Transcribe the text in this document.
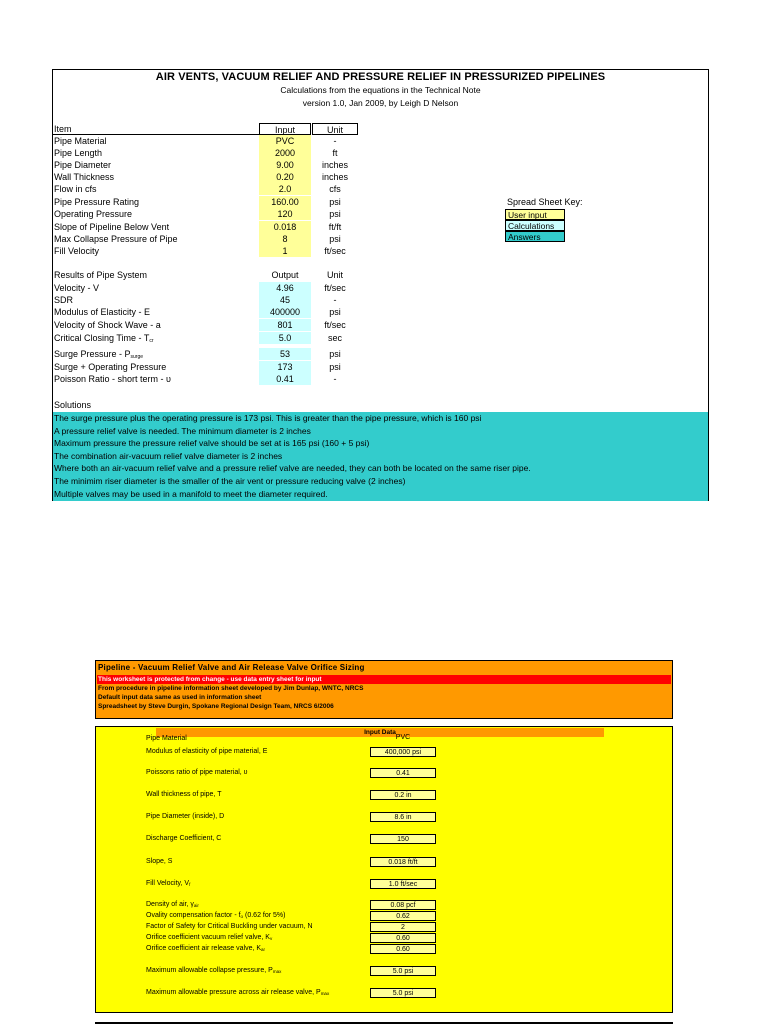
AIR VENTS, VACUUM RELIEF AND PRESSURE RELIEF IN PRESSURIZED PIPELINES
Calculations from the equations in the Technical Note
version 1.0, Jan 2009, by Leigh D Nelson
Item	Input	Unit
Pipe Material	PVC	-
Pipe Length	2000	ft
Pipe Diameter	9.00	inches
Wall Thickness	0.20	inches
Flow in cfs	2.0	cfs
Pipe Pressure Rating	160.00	psi
Operating Pressure	120	psi
Slope of Pipeline Below Vent	0.018	ft/ft
Max Collapse Pressure of Pipe	8	psi
Fill Velocity	1	ft/sec
Results of Pipe System	Output	Unit
Velocity - V	4.96	ft/sec
SDR	45	-
Modulus of Elasticity - E	400000	psi
Velocity of Shock Wave - a	801	ft/sec
Critical Closing Time - Tcr	5.0	sec
Surge Pressure - Psurge	53	psi
Surge + Operating Pressure	173	psi
Poisson Ratio - short term - υ	0.41	-
Spread Sheet Key:
User input
Calculations
Answers
Solutions
The surge pressure plus the operating pressure is 173 psi. This is greater than the pipe pressure, which is 160 psi
A pressure relief valve is needed. The minimum diameter is 2 inches
Maximum pressure the pressure relief valve should be set at is 165 psi (160 + 5 psi)
The combination air-vacuum relief valve diameter is 2 inches
Where both an air-vacuum relief valve and a pressure relief valve are needed, they can both be located on the same riser pipe.
The minimim riser diameter is the smaller of the air vent or pressure reducing valve (2 inches)
Multiple valves may be used in a manifold to meet the diameter required.
Pipeline - Vacuum Relief Valve and Air Release Valve Orifice Sizing
This worksheet is protected from change - use data entry sheet for input
From procedure in pipeline information sheet developed by Jim Dunlap, WNTC, NRCS
Default input data same as used in information sheet
Spreadsheet by Steve Durgin, Spokane Regional Design Team, NRCS 6/2006
Input Data
Pipe Material	PVC
Modulus of elasticity of pipe material, E	400,000 psi
Poissons ratio of pipe material, υ	0.41
Wall thickness of pipe, T	0.2 in
Pipe Diameter (inside), D	8.6 in
Discharge Coefficient, C	150
Slope, S	0.018 ft/ft
Fill Velocity, Vf	1.0 ft/sec
Density of air, γair	0.08 pcf
Ovality compensation factor - fo (0.62 for 5%)	0.62
Factor of Safety for Critical Buckling under vacuum, N	2
Orifice coefficient vacuum relief valve, Kv	0.60
Orifice coefficient air release valve, Kar	0.60
Maximum allowable collapse pressure, Pmax	5.0 psi
Maximum allowable pressure across air release valve, Pmax	5.0 psi
